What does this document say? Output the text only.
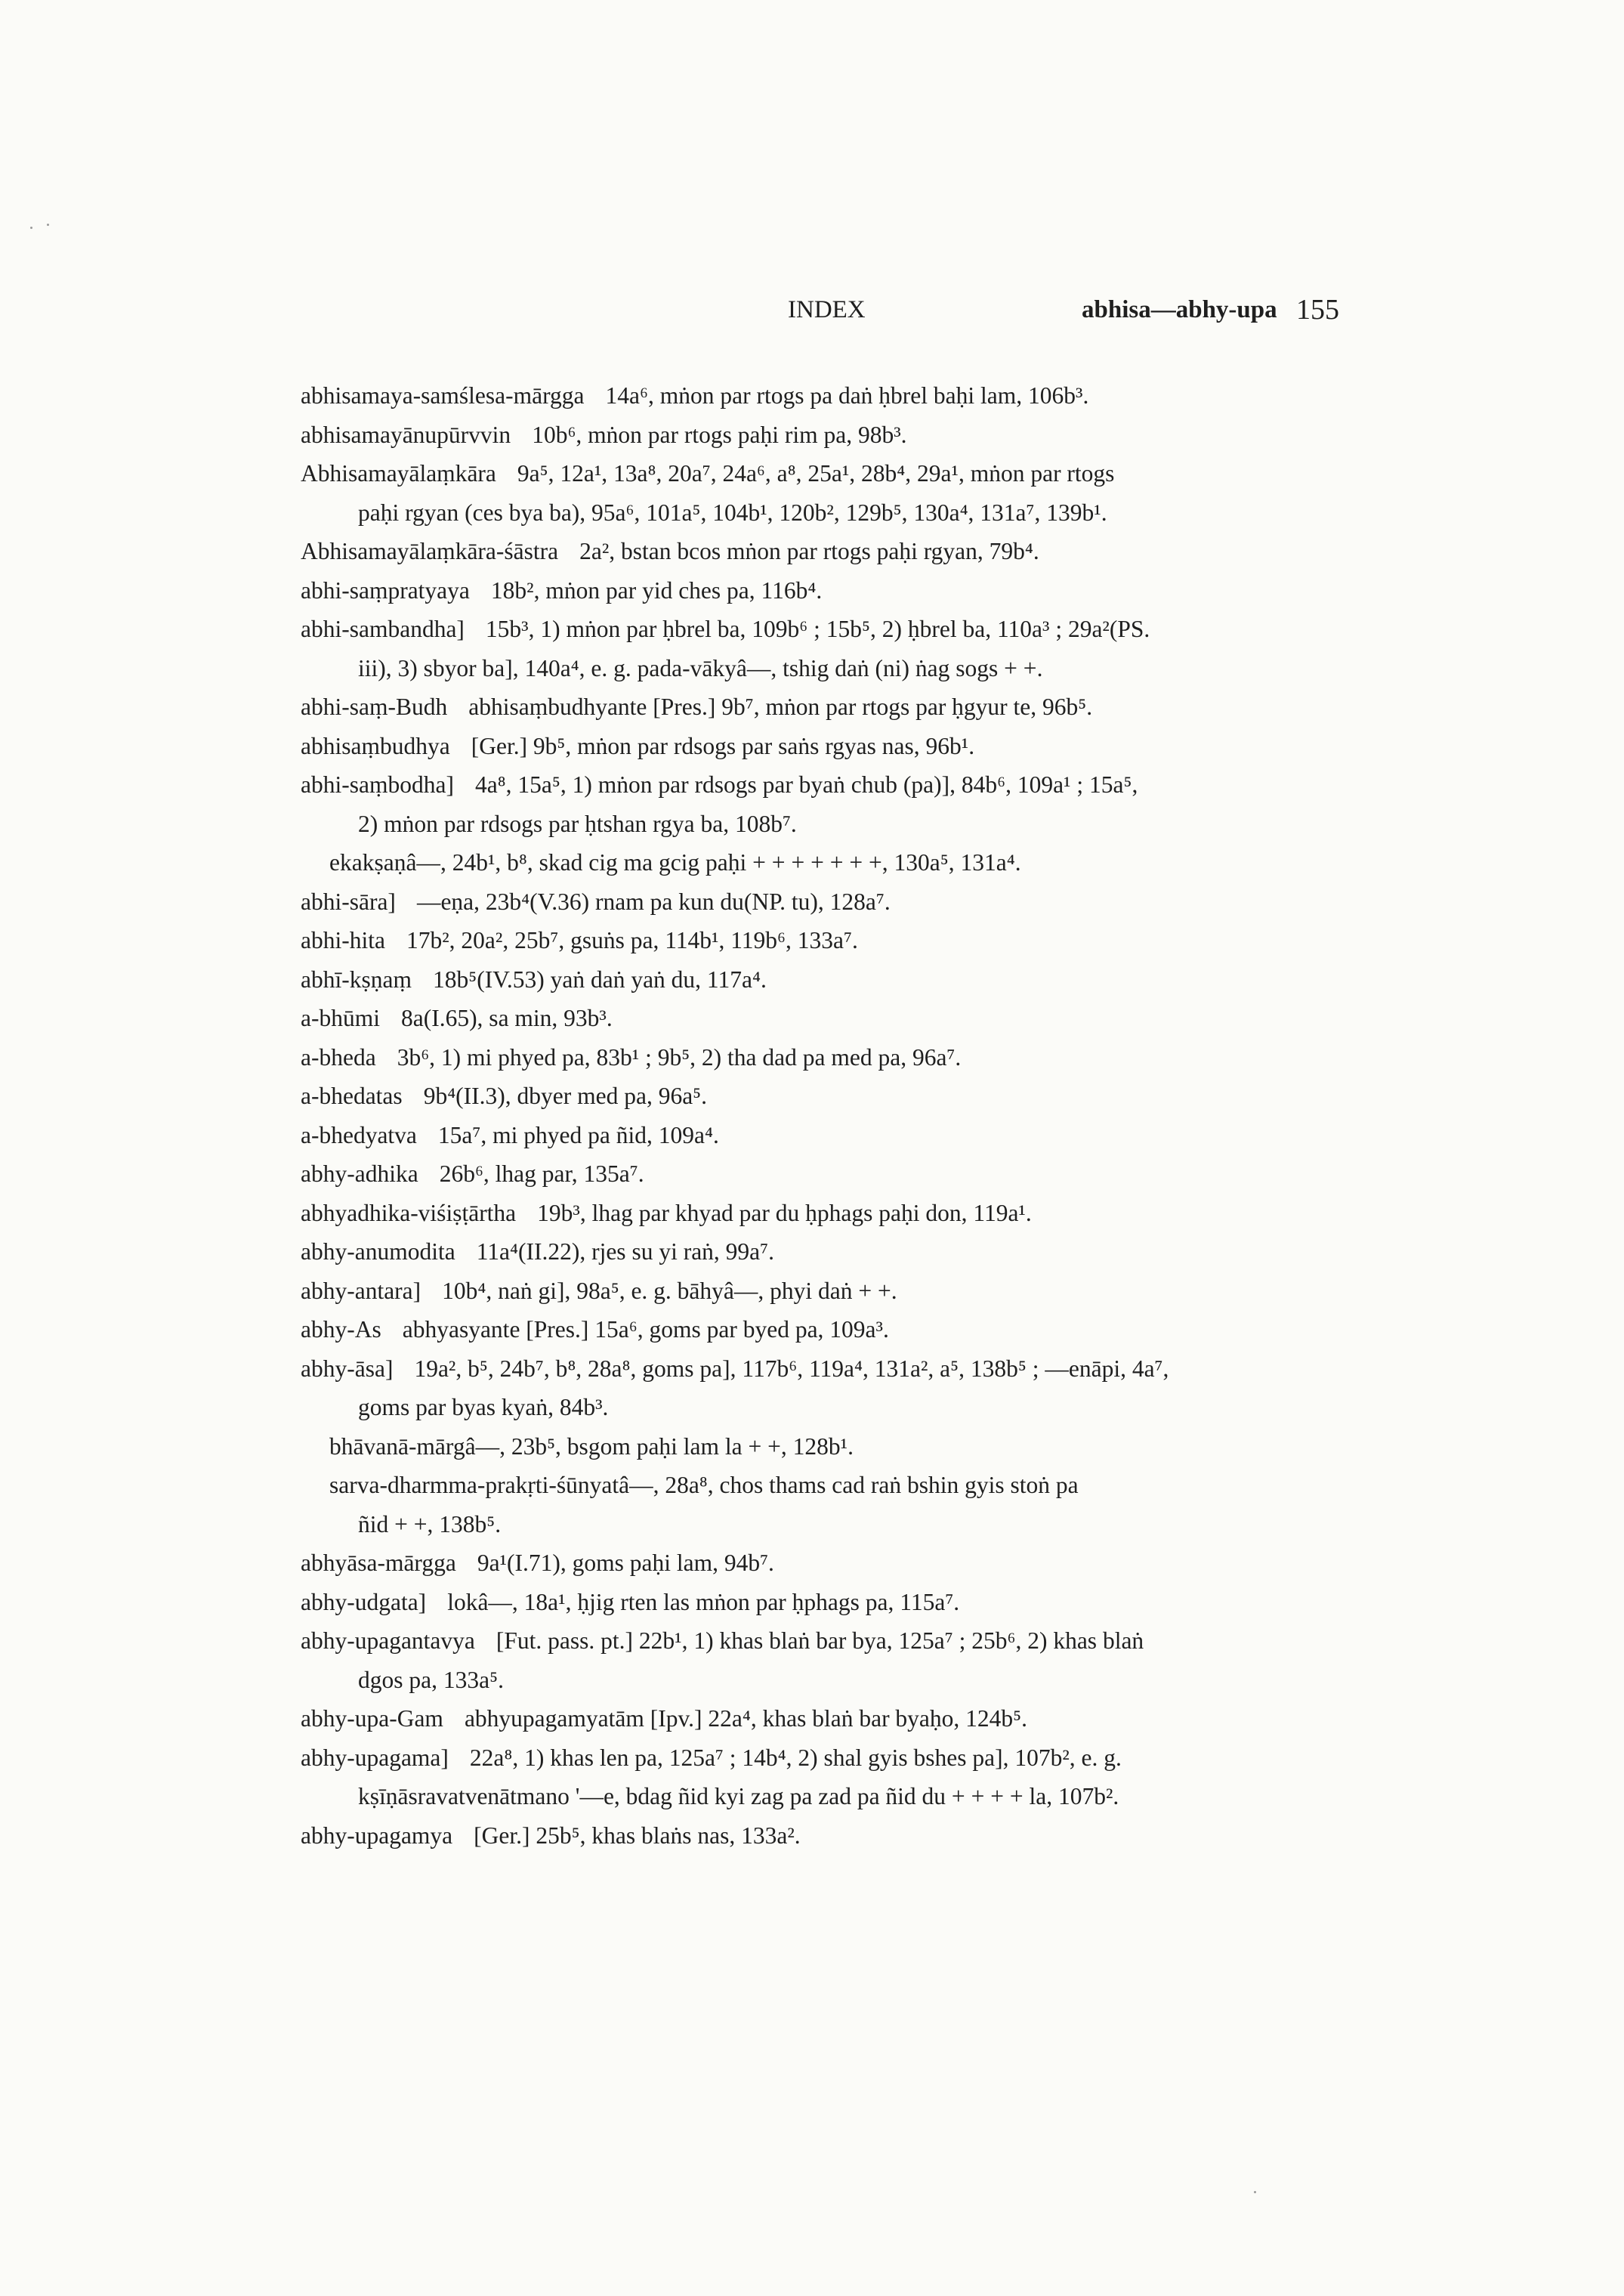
INDEX	abhisa—abhy-upa 155
abhisamaya-samślesa-mārgga 14a⁶, mṅon par rtogs pa daṅ ḥbrel baḥi lam, 106b³.
abhisamayānupūrvvin 10b⁶, mṅon par rtogs paḥi rim pa, 98b³.
Abhisamayālaṃkāra 9a⁵, 12a¹, 13a⁸, 20a⁷, 24a⁶, a⁸, 25a¹, 28b⁴, 29a¹, mṅon par rtogs
paḥi rgyan (ces bya ba), 95a⁶, 101a⁵, 104b¹, 120b², 129b⁵, 130a⁴, 131a⁷, 139b¹.
Abhisamayālaṃkāra-śāstra 2a², bstan bcos mṅon par rtogs paḥi rgyan, 79b⁴.
abhi-saṃpratyaya 18b², mṅon par yid ches pa, 116b⁴.
abhi-sambandha] 15b³, 1) mṅon par ḥbrel ba, 109b⁶ ; 15b⁵, 2) ḥbrel ba, 110a³ ; 29a²(PS.
iii), 3) sbyor ba], 140a⁴, e. g. pada-vākyâ—, tshig daṅ (ni) ṅag sogs + +.
abhi-saṃ-Budh abhisaṃbudhyante [Pres.] 9b⁷, mṅon par rtogs par ḥgyur te, 96b⁵.
abhisaṃbudhya [Ger.] 9b⁵, mṅon par rdsogs par saṅs rgyas nas, 96b¹.
abhi-saṃbodha] 4a⁸, 15a⁵, 1) mṅon par rdsogs par byaṅ chub (pa)], 84b⁶, 109a¹ ; 15a⁵,
2) mṅon par rdsogs par ḥtshan rgya ba, 108b⁷.
ekakṣaṇâ—, 24b¹, b⁸, skad cig ma gcig paḥi + + + + + + +, 130a⁵, 131a⁴.
abhi-sāra] —eṇa, 23b⁴(V.36) rnam pa kun du(NP. tu), 128a⁷.
abhi-hita 17b², 20a², 25b⁷, gsuṅs pa, 114b¹, 119b⁶, 133a⁷.
abhī-kṣṇaṃ 18b⁵(IV.53) yaṅ daṅ yaṅ du, 117a⁴.
a-bhūmi 8a(I.65), sa min, 93b³.
a-bheda 3b⁶, 1) mi phyed pa, 83b¹ ; 9b⁵, 2) tha dad pa med pa, 96a⁷.
a-bhedatas 9b⁴(II.3), dbyer med pa, 96a⁵.
a-bhedyatva 15a⁷, mi phyed pa ñid, 109a⁴.
abhy-adhika 26b⁶, lhag par, 135a⁷.
abhyadhika-viśiṣṭārtha 19b³, lhag par khyad par du ḥphags paḥi don, 119a¹.
abhy-anumodita 11a⁴(II.22), rjes su yi raṅ, 99a⁷.
abhy-antara] 10b⁴, naṅ gi], 98a⁵, e. g. bāhyâ—, phyi daṅ + +.
abhy-As abhyasyante [Pres.] 15a⁶, goms par byed pa, 109a³.
abhy-āsa] 19a², b⁵, 24b⁷, b⁸, 28a⁸, goms pa], 117b⁶, 119a⁴, 131a², a⁵, 138b⁵ ; —enāpi, 4a⁷,
goms par byas kyaṅ, 84b³.
bhāvanā-mārgâ—, 23b⁵, bsgom paḥi lam la + +, 128b¹.
sarva-dharmma-prakṛti-śūnyatâ—, 28a⁸, chos thams cad raṅ bshin gyis stoṅ pa
ñid + +, 138b⁵.
abhyāsa-mārgga 9a¹(I.71), goms paḥi lam, 94b⁷.
abhy-udgata] lokâ—, 18a¹, ḥjig rten las mṅon par ḥphags pa, 115a⁷.
abhy-upagantavya [Fut. pass. pt.] 22b¹, 1) khas blaṅ bar bya, 125a⁷ ; 25b⁶, 2) khas blaṅ
dgos pa, 133a⁵.
abhy-upa-Gam abhyupagamyatām [Ipv.] 22a⁴, khas blaṅ bar byaḥo, 124b⁵.
abhy-upagama] 22a⁸, 1) khas len pa, 125a⁷ ; 14b⁴, 2) shal gyis bshes pa], 107b², e. g.
kṣīṇāsravatvenātmano '—e, bdag ñid kyi zag pa zad pa ñid du + + + + la, 107b².
abhy-upagamya [Ger.] 25b⁵, khas blaṅs nas, 133a².
